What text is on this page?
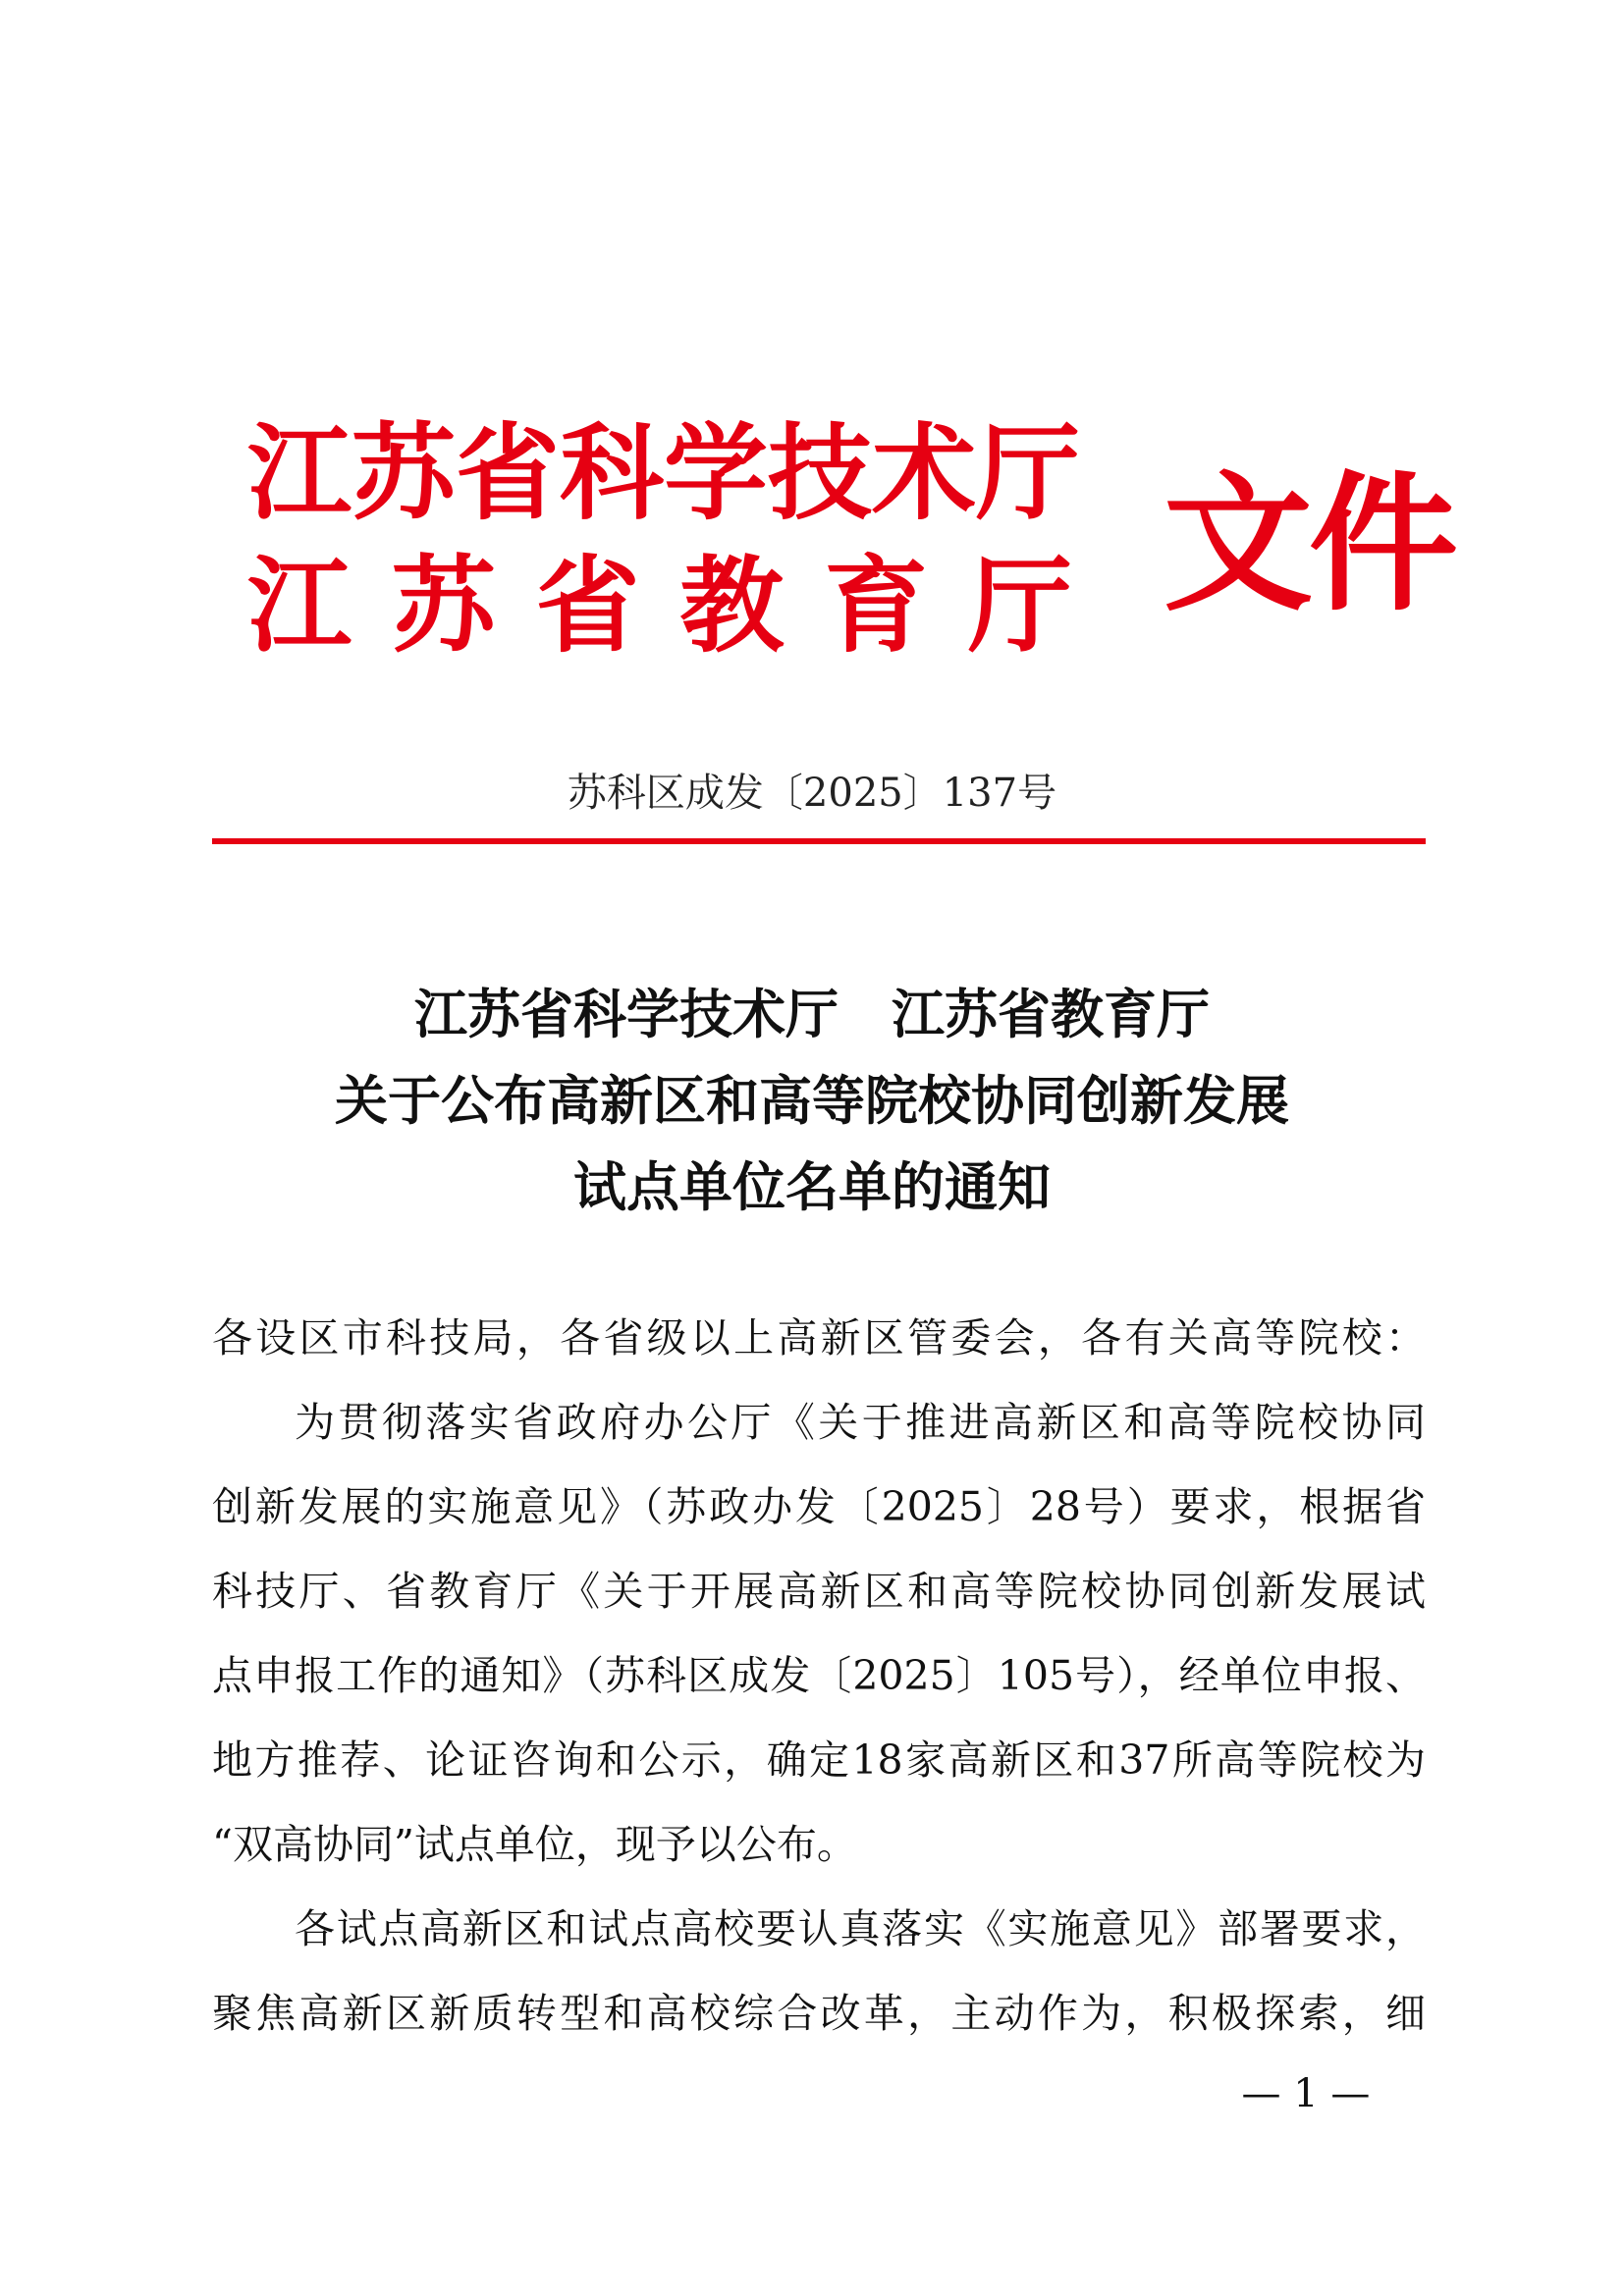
江 苏 省 科 学 技 术 厅
江 苏 省 教 育 厅 文件
苏科区成发〔2025〕137号
江苏省科学技术厅　江苏省教育厅
关于公布高新区和高等院校协同创新发展
试点单位名单的通知
各设区市科技局，各省级以上高新区管委会，各有关高等院校：
为贯彻落实省政府办公厅《关于推进高新区和高等院校协同
创新发展的实施意见》（苏政办发〔2025〕28号）要求，根据省
科技厅、省教育厅《关于开展高新区和高等院校协同创新发展试
点申报工作的通知》（苏科区成发〔2025〕105号），经单位申报、
地方推荐、论证咨询和公示，确定18家高新区和37所高等院校为
“双高协同”试点单位，现予以公布。
各试点高新区和试点高校要认真落实《实施意见》部署要求，
聚焦高新区新质转型和高校综合改革，主动作为，积极探索，细
— 1 —
